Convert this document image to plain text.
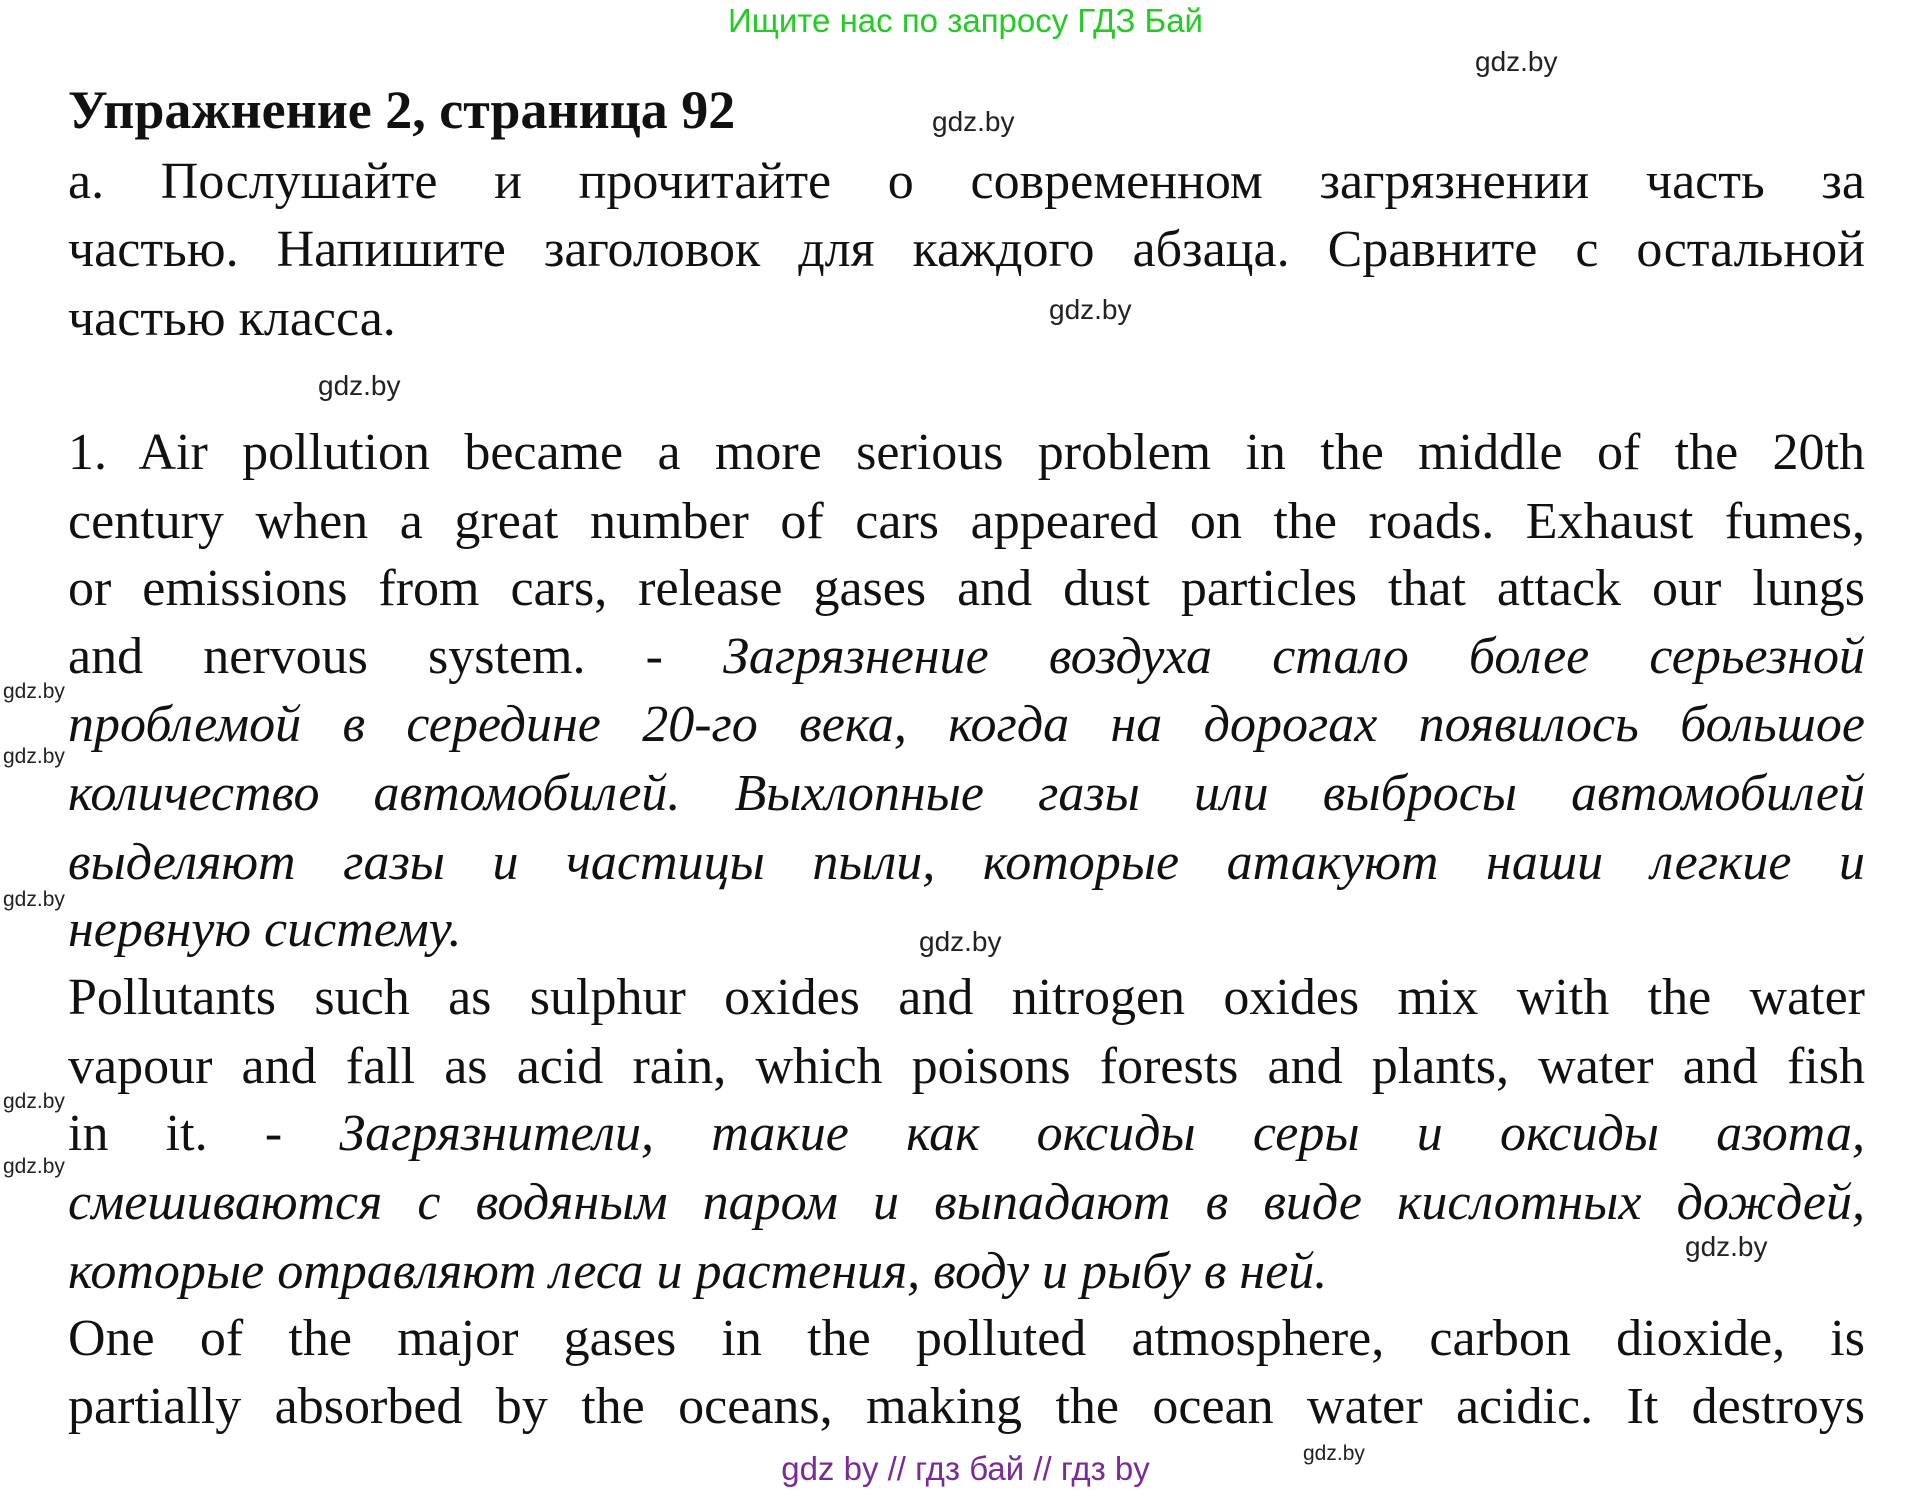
Ищите нас по запросу ГДЗ Бай
Упражнение 2, страница 92
а. Послушайте и прочитайте о современном загрязнении часть за
частью. Напишите заголовок для каждого абзаца. Сравните с остальной
частью класса.
1. Air pollution became a more serious problem in the middle of the 20th
century when a great number of cars appeared on the roads. Exhaust fumes,
or emissions from cars, release gases and dust particles that attack our lungs
and nervous system. - Загрязнение воздуха стало более серьезной
проблемой в середине 20-го века, когда на дорогах появилось большое
количество автомобилей. Выхлопные газы или выбросы автомобилей
выделяют газы и частицы пыли, которые атакуют наши легкие и
нервную систему.
Pollutants such as sulphur oxides and nitrogen oxides mix with the water
vapour and fall as acid rain, which poisons forests and plants, water and fish
in it. - Загрязнители, такие как оксиды серы и оксиды азота,
смешиваются с водяным паром и выпадают в виде кислотных дождей,
которые отравляют леса и растения, воду и рыбу в ней.
One of the major gases in the polluted atmosphere, carbon dioxide, is
partially absorbed by the oceans, making the ocean water acidic. It destroys
gdz.by
gdz.by
gdz.by
gdz.by
gdz.by
gdz.by
gdz.by
gdz.by
gdz.by
gdz.by
gdz.by
gdz.by
gdz by // гдз бай // гдз by
